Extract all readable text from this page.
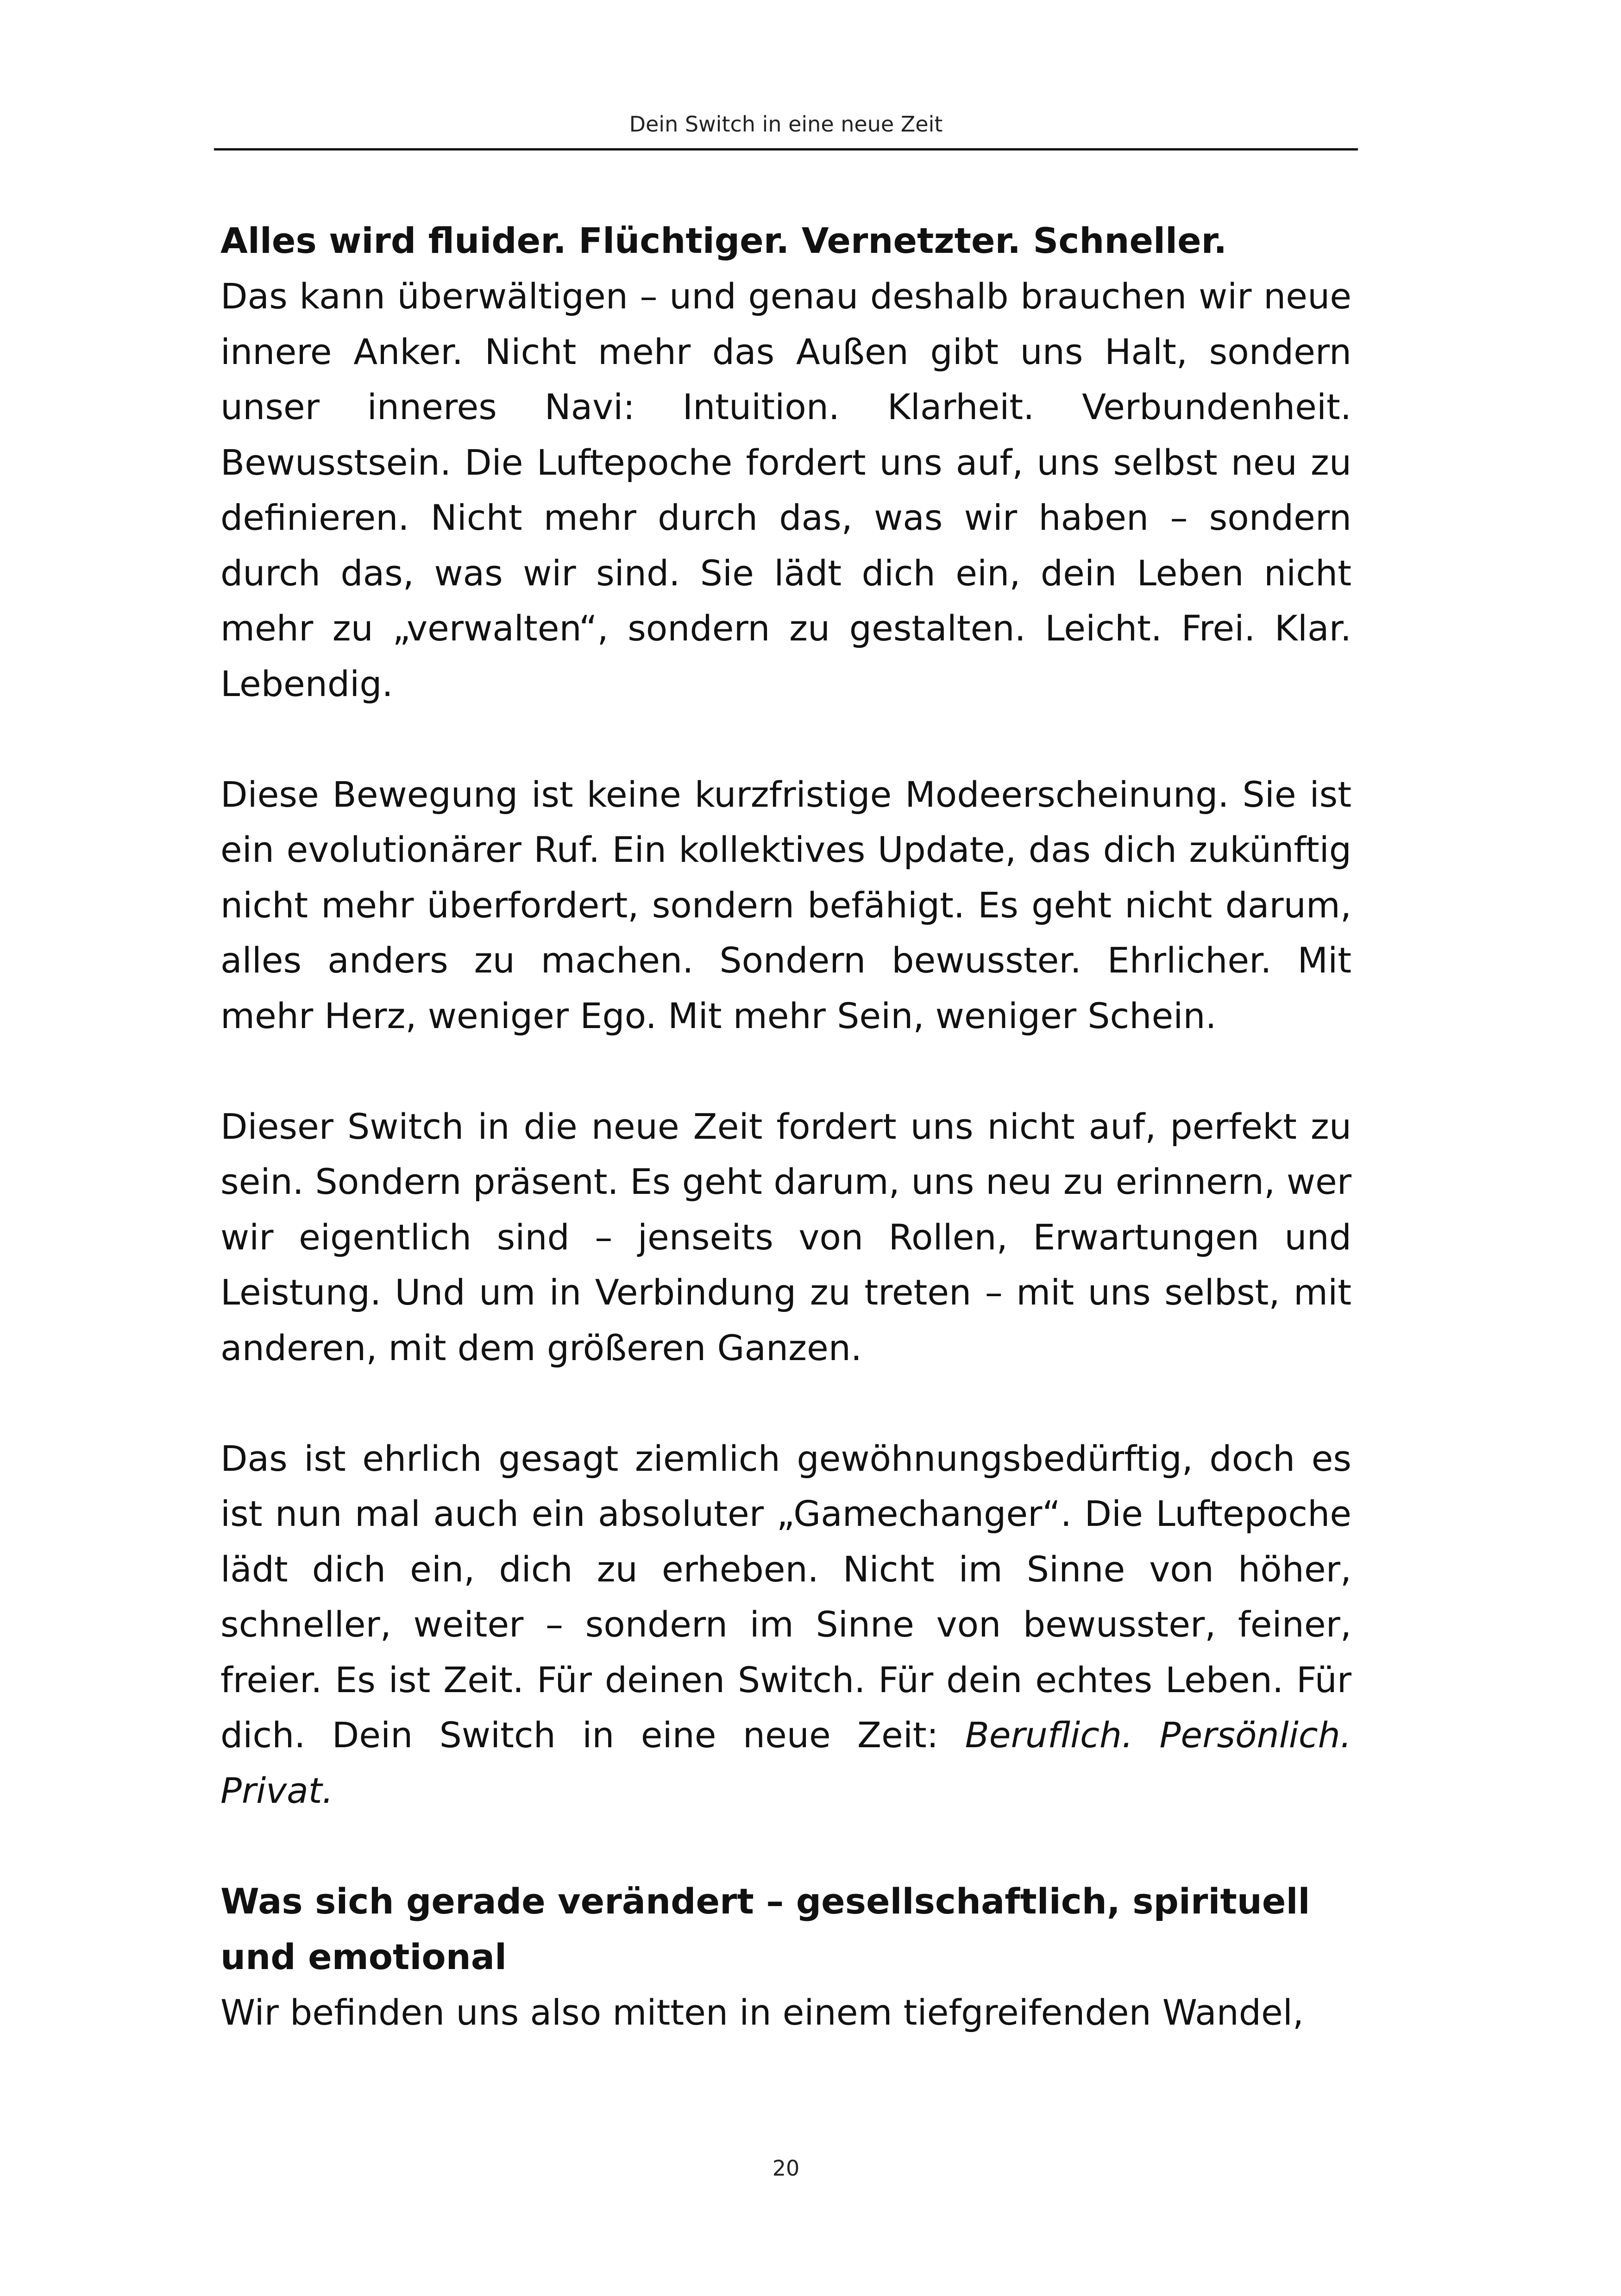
Dein Switch in eine neue Zeit
Alles wird fluider. Flüchtiger. Vernetzter. Schneller.

Das kann überwältigen – und genau deshalb brauchen wir neue innere Anker. Nicht mehr das Außen gibt uns Halt, sondern unser inneres Navi: Intuition. Klarheit. Verbundenheit. Bewusstsein. Die Luftepoche fordert uns auf, uns selbst neu zu definieren. Nicht mehr durch das, was wir haben – sondern durch das, was wir sind. Sie lädt dich ein, dein Leben nicht mehr zu „verwalten“, sondern zu gestalten. Leicht. Frei. Klar. Lebendig.

Diese Bewegung ist keine kurzfristige Modeerscheinung. Sie ist ein evolutionärer Ruf. Ein kollektives Update, das dich zukünftig nicht mehr überfordert, sondern befähigt. Es geht nicht darum, alles anders zu machen. Sondern bewusster. Ehrlicher. Mit mehr Herz, weniger Ego. Mit mehr Sein, weniger Schein.

Dieser Switch in die neue Zeit fordert uns nicht auf, perfekt zu sein. Sondern präsent. Es geht darum, uns neu zu erinnern, wer wir eigentlich sind – jenseits von Rollen, Erwartungen und Leistung. Und um in Verbindung zu treten – mit uns selbst, mit anderen, mit dem größeren Ganzen.

Das ist ehrlich gesagt ziemlich gewöhnungsbedürftig, doch es ist nun mal auch ein absoluter „Gamechanger“. Die Luftepoche lädt dich ein, dich zu erheben. Nicht im Sinne von höher, schneller, weiter – sondern im Sinne von bewusster, feiner, freier. Es ist Zeit. Für deinen Switch. Für dein echtes Leben. Für dich. Dein Switch in eine neue Zeit: Beruflich. Persönlich. Privat.

Was sich gerade verändert – gesellschaftlich, spirituell und emotional

Wir befinden uns also mitten in einem tiefgreifenden Wandel,

20
